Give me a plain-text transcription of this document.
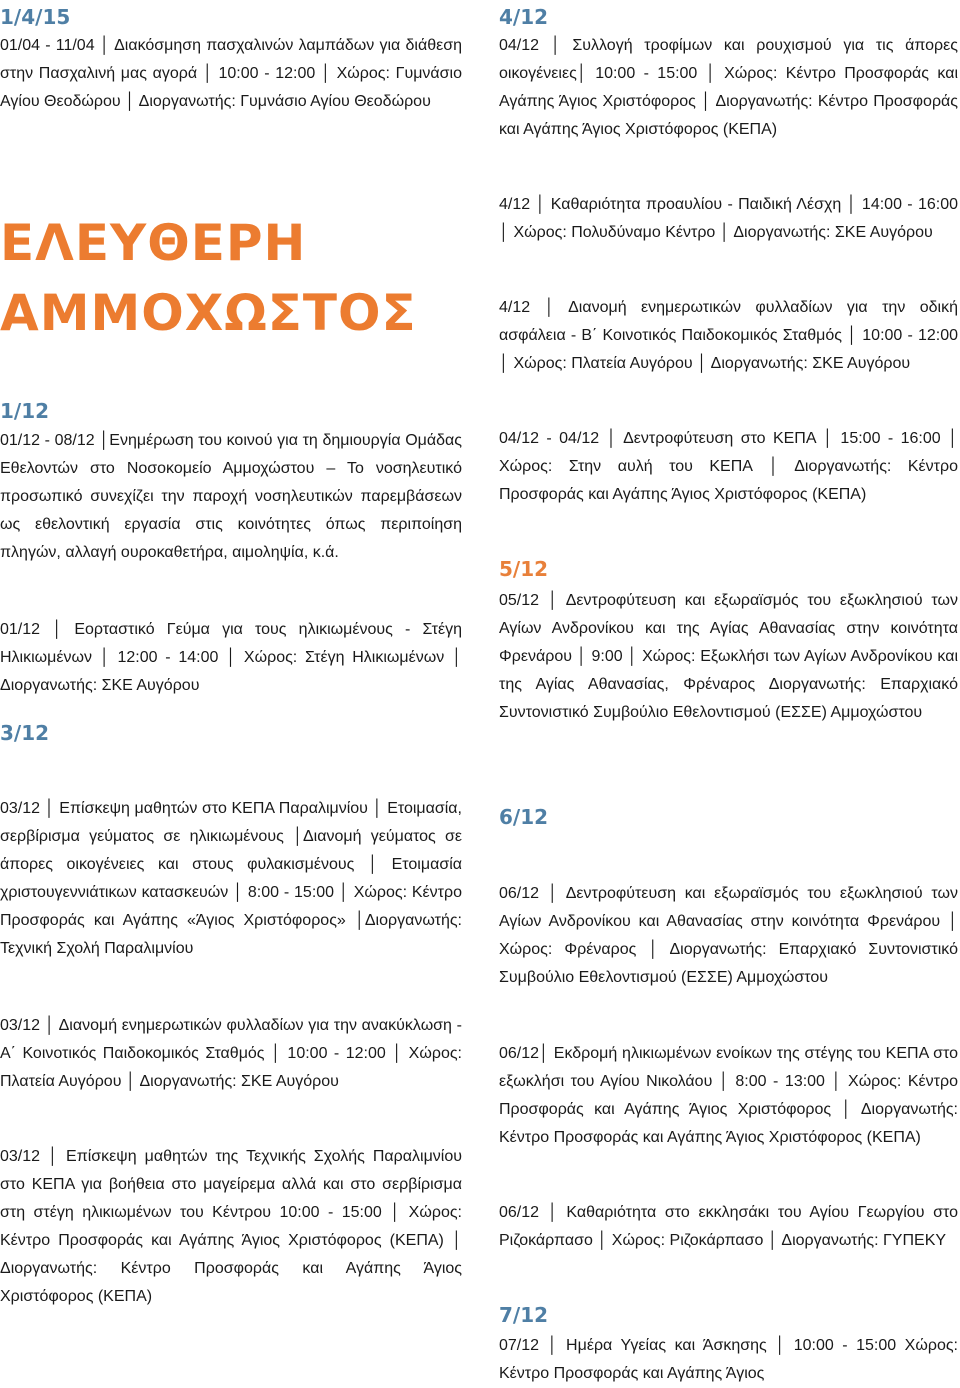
1/4/15
01/04 - 11/04 │ Διακόσμηση πασχαλινών λαμπάδων για διάθεση στην Πασχαλινή μας αγορά │ 10:00 - 12:00 │ Χώρος: Γυμνάσιο Αγίου Θεοδώρου │ Διοργανωτής: Γυμνάσιο Αγίου Θεοδώρου
ΕΛΕΥΘΕΡΗ
ΑΜΜΟΧΩΣΤΟΣ
1/12
01/12 - 08/12 │Ενημέρωση του κοινού για τη δημιουργία Ομάδας Εθελοντών στο Νοσοκομείο Αμμοχώστου – Το νοσηλευτικό προσωπικό συνεχίζει την παροχή νοσηλευτικών παρεμβάσεων ως εθελοντική εργασία στις κοινότητες όπως περιποίηση πληγών, αλλαγή ουροκαθετήρα, αιμοληψία, κ.ά.
01/12 │ Εορταστικό Γεύμα για τους ηλικιωμένους - Στέγη Ηλικιωμένων │ 12:00 - 14:00 │ Χώρος: Στέγη Ηλικιωμένων │ Διοργανωτής: ΣΚΕ Αυγόρου
3/12
03/12 │ Επίσκεψη μαθητών στο ΚΕΠΑ Παραλιμνίου │ Ετοιμασία, σερβίρισμα γεύματος σε ηλικιωμένους │Διανομή γεύματος σε άπορες οικογένειες και στους φυλακισμένους │ Ετοιμασία χριστουγεννιάτικων κατασκευών │ 8:00 - 15:00 │ Χώρος: Κέντρο Προσφοράς και Αγάπης «Άγιος Χριστόφορος» │Διοργανωτής: Τεχνική Σχολή Παραλιμνίου
03/12 │ Διανομή ενημερωτικών φυλλαδίων για την ανακύκλωση - Α΄ Κοινοτικός Παιδοκομικός Σταθμός │ 10:00 - 12:00 │ Χώρος: Πλατεία Αυγόρου │ Διοργανωτής: ΣΚΕ Αυγόρου
03/12 │ Επίσκεψη μαθητών της Τεχνικής Σχολής Παραλιμνίου στο ΚΕΠΑ για βοήθεια στο μαγείρεμα αλλά και στο σερβίρισμα στη στέγη ηλικιωμένων του Κέντρου 10:00 - 15:00 │ Χώρος: Κέντρο Προσφοράς και Αγάπης Άγιος Χριστόφορος (ΚΕΠΑ) │ Διοργανωτής: Κέντρο Προσφοράς και Αγάπης Άγιος Χριστόφορος (ΚΕΠΑ)
4/12
04/12 │ Συλλογή τροφίμων και ρουχισμού για τις άπορες οικογένειες│ 10:00 - 15:00 │ Χώρος: Κέντρο Προσφοράς και Αγάπης Άγιος Χριστόφορος │ Διοργανωτής: Κέντρο Προσφοράς και Αγάπης Άγιος Χριστόφορος (ΚΕΠΑ)
4/12 │ Καθαριότητα προαυλίου - Παιδική Λέσχη │ 14:00 - 16:00 │ Χώρος: Πολυδύναμο Κέντρο │ Διοργανωτής: ΣΚΕ Αυγόρου
4/12 │ Διανομή ενημερωτικών φυλλαδίων για την οδική ασφάλεια - Β΄ Κοινοτικός Παιδοκομικός Σταθμός │ 10:00 - 12:00 │ Χώρος: Πλατεία Αυγόρου │ Διοργανωτής: ΣΚΕ Αυγόρου
04/12 - 04/12 │ Δεντροφύτευση στο ΚΕΠΑ │ 15:00 - 16:00 │ Χώρος: Στην αυλή του ΚΕΠΑ │ Διοργανωτής: Κέντρο Προσφοράς και Αγάπης Άγιος Χριστόφορος (ΚΕΠΑ)
5/12
05/12 │ Δεντροφύτευση και εξωραϊσμός του εξωκλησιού των Αγίων Ανδρονίκου και της Αγίας Αθανασίας στην κοινότητα Φρενάρου │ 9:00 │ Χώρος: Εξωκλήσι των Αγίων Ανδρονίκου και της Αγίας Αθανασίας, Φρέναρος Διοργανωτής: Επαρχιακό Συντονιστικό Συμβούλιο Εθελοντισμού (ΕΣΣΕ) Αμμοχώστου
6/12
06/12 │ Δεντροφύτευση και εξωραϊσμός του εξωκλησιού των Αγίων Ανδρονίκου και Αθανασίας στην κοινότητα Φρενάρου │ Χώρος: Φρέναρος │ Διοργανωτής: Επαρχιακό Συντονιστικό Συμβούλιο Εθελοντισμού (ΕΣΣΕ) Αμμοχώστου
06/12│ Εκδρομή ηλικιωμένων ενοίκων της στέγης του ΚΕΠΑ στο εξωκλήσι του Αγίου Νικολάου │ 8:00 - 13:00 │ Χώρος: Κέντρο Προσφοράς και Αγάπης Άγιος Χριστόφορος │ Διοργανωτής: Κέντρο Προσφοράς και Αγάπης Άγιος Χριστόφορος (ΚΕΠΑ)
06/12 │ Καθαριότητα στο εκκλησάκι του Αγίου Γεωργίου στο Ριζοκάρπασο │ Χώρος: Ριζοκάρπασο │ Διοργανωτής: ΓΥΠΕΚΥ
7/12
07/12 │ Ημέρα Υγείας και Άσκησης │ 10:00 - 15:00 Χώρος: Κέντρο Προσφοράς και Αγάπης Άγιος
